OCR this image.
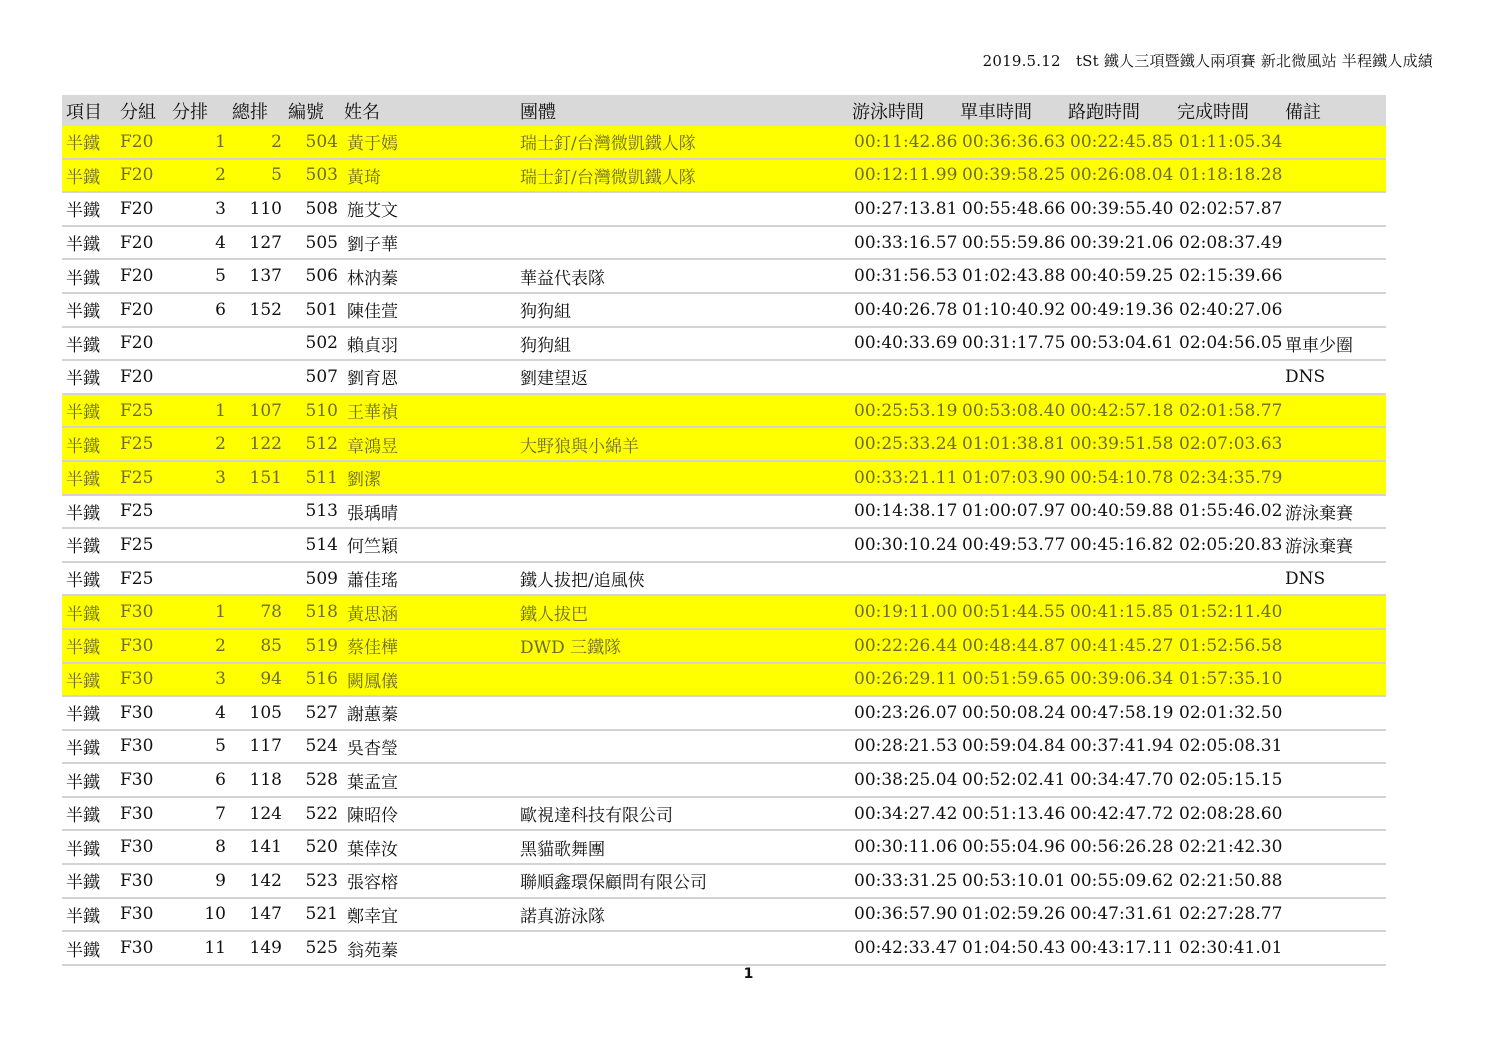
2019.5.12　tSt 鐵人三項暨鐵人兩項賽 新北微風站 半程鐵人成績
項目	分組	分排	總排	編號	姓名	團體	游泳時間	單車時間	路跑時間	完成時間	備註
半鐵	F20	1	2	504	黃于嫣	瑞士釘/台灣微凱鐵人隊	00:11:42.86	00:36:36.63	00:22:45.85	01:11:05.34	
半鐵	F20	2	5	503	黃琦	瑞士釘/台灣微凱鐵人隊	00:12:11.99	00:39:58.25	00:26:08.04	01:18:18.28	
半鐵	F20	3	110	508	施艾文		00:27:13.81	00:55:48.66	00:39:55.40	02:02:57.87	
半鐵	F20	4	127	505	劉子華		00:33:16.57	00:55:59.86	00:39:21.06	02:08:37.49	
半鐵	F20	5	137	506	林汭蓁	華益代表隊	00:31:56.53	01:02:43.88	00:40:59.25	02:15:39.66	
半鐵	F20	6	152	501	陳佳萱	狗狗組	00:40:26.78	01:10:40.92	00:49:19.36	02:40:27.06	
半鐵	F20			502	賴貞羽	狗狗組	00:40:33.69	00:31:17.75	00:53:04.61	02:04:56.05	單車少圈
半鐵	F20			507	劉育恩	劉建望返					DNS
半鐵	F25	1	107	510	王華禎		00:25:53.19	00:53:08.40	00:42:57.18	02:01:58.77	
半鐵	F25	2	122	512	章鴻昱	大野狼與小綿羊	00:25:33.24	01:01:38.81	00:39:51.58	02:07:03.63	
半鐵	F25	3	151	511	劉潔		00:33:21.11	01:07:03.90	00:54:10.78	02:34:35.79	
半鐵	F25			513	張瑀晴		00:14:38.17	01:00:07.97	00:40:59.88	01:55:46.02	游泳棄賽
半鐵	F25			514	何竺穎		00:30:10.24	00:49:53.77	00:45:16.82	02:05:20.83	游泳棄賽
半鐵	F25			509	蕭佳瑤	鐵人拔把/追風俠					DNS
半鐵	F30	1	78	518	黃思涵	鐵人拔巴	00:19:11.00	00:51:44.55	00:41:15.85	01:52:11.40	
半鐵	F30	2	85	519	蔡佳樺	DWD 三鐵隊	00:22:26.44	00:48:44.87	00:41:45.27	01:52:56.58	
半鐵	F30	3	94	516	闕鳳儀		00:26:29.11	00:51:59.65	00:39:06.34	01:57:35.10	
半鐵	F30	4	105	527	謝蕙蓁		00:23:26.07	00:50:08.24	00:47:58.19	02:01:32.50	
半鐵	F30	5	117	524	吳杳瑩		00:28:21.53	00:59:04.84	00:37:41.94	02:05:08.31	
半鐵	F30	6	118	528	葉孟宣		00:38:25.04	00:52:02.41	00:34:47.70	02:05:15.15	
半鐵	F30	7	124	522	陳昭伶	歐視達科技有限公司	00:34:27.42	00:51:13.46	00:42:47.72	02:08:28.60	
半鐵	F30	8	141	520	葉倖汝	黑貓歌舞團	00:30:11.06	00:55:04.96	00:56:26.28	02:21:42.30	
半鐵	F30	9	142	523	張容榕	聯順鑫環保顧問有限公司	00:33:31.25	00:53:10.01	00:55:09.62	02:21:50.88	
半鐵	F30	10	147	521	鄭幸宜	諾真游泳隊	00:36:57.90	01:02:59.26	00:47:31.61	02:27:28.77	
半鐵	F30	11	149	525	翁苑蓁		00:42:33.47	01:04:50.43	00:43:17.11	02:30:41.01	
1
